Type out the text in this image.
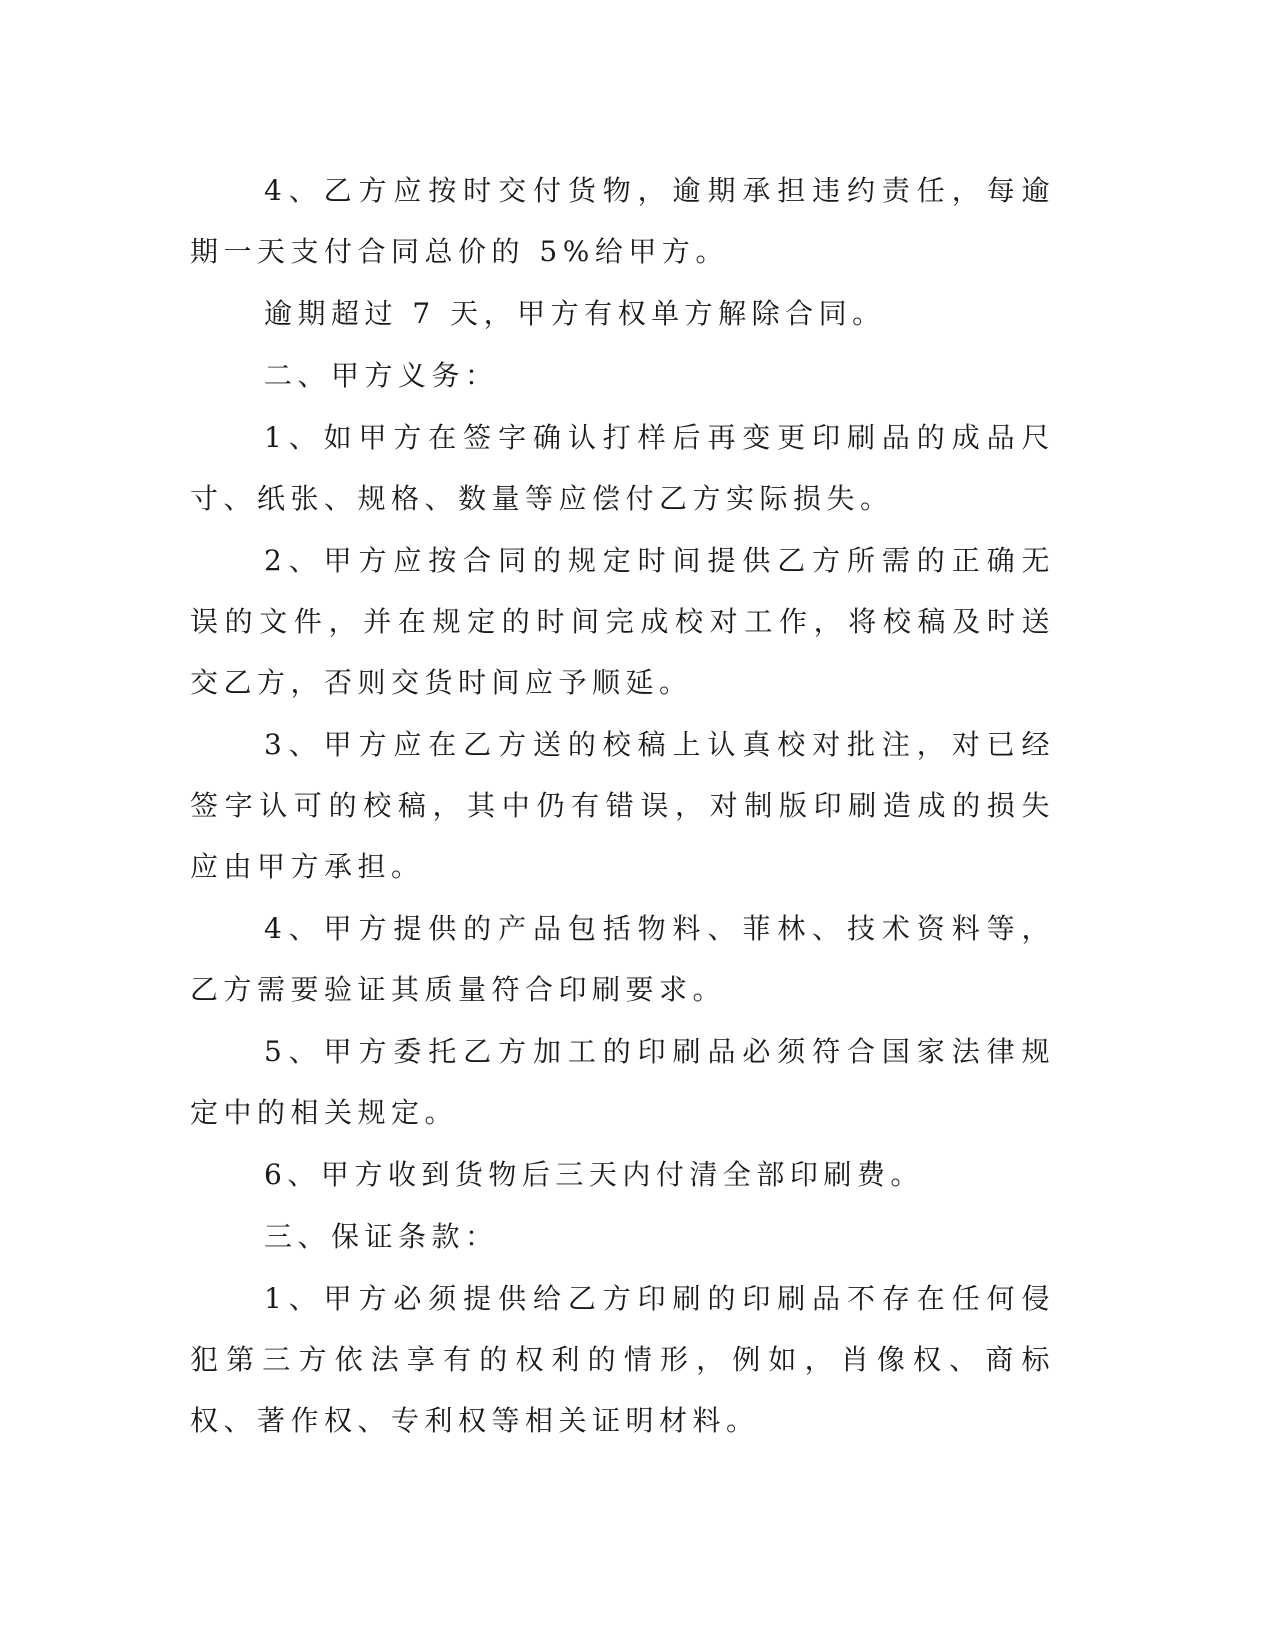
4、乙方应按时交付货物，逾期承担违约责任，每逾期一天支付合同总价的 5%给甲方。

逾期超过 7 天，甲方有权单方解除合同。

二、甲方义务：

1、如甲方在签字确认打样后再变更印刷品的成品尺寸、纸张、规格、数量等应偿付乙方实际损失。

2、甲方应按合同的规定时间提供乙方所需的正确无误的文件，并在规定的时间完成校对工作，将校稿及时送交乙方，否则交货时间应予顺延。

3、甲方应在乙方送的校稿上认真校对批注，对已经签字认可的校稿，其中仍有错误，对制版印刷造成的损失应由甲方承担。

4、甲方提供的产品包括物料、菲林、技术资料等，乙方需要验证其质量符合印刷要求。

5、甲方委托乙方加工的印刷品必须符合国家法律规定中的相关规定。

6、甲方收到货物后三天内付清全部印刷费。

三、保证条款：

1、甲方必须提供给乙方印刷的印刷品不存在任何侵犯第三方依法享有的权利的情形，例如，肖像权、商标权、著作权、专利权等相关证明材料。
